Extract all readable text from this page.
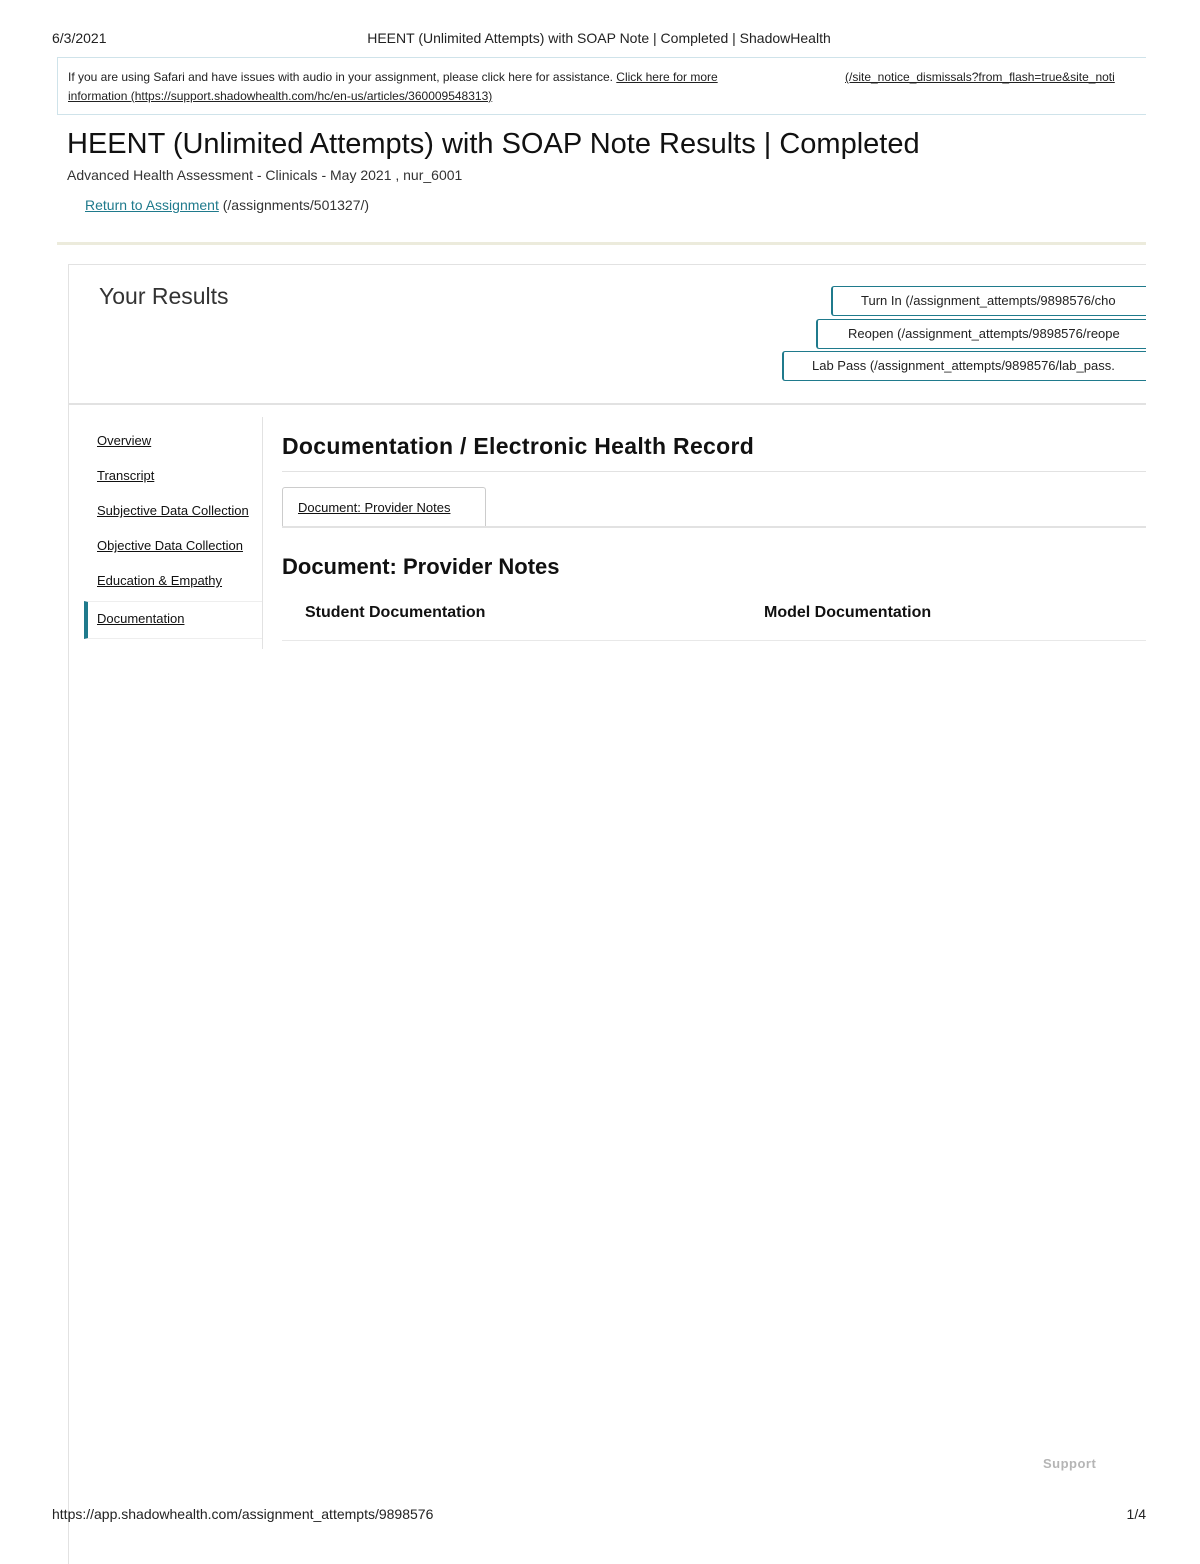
6/3/2021	HEENT (Unlimited Attempts) with SOAP Note | Completed | ShadowHealth
If you are using Safari and have issues with audio in your assignment, please click here for assistance. Click here for more	(/site_notice_dismissals?from_flash=true&site_noti
information (https://support.shadowhealth.com/hc/en-us/articles/360009548313)
HEENT (Unlimited Attempts) with SOAP Note Results | Completed
Advanced Health Assessment - Clinicals - May 2021 , nur_6001
Return to Assignment (/assignments/501327/)
Your Results	Turn In (/assignment_attempts/9898576/cho
Reopen (/assignment_attempts/9898576/reope
Lab Pass (/assignment_attempts/9898576/lab_pass.
Overview
Transcript
Subjective Data Collection
Objective Data Collection
Education & Empathy
Documentation
Documentation / Electronic Health Record
Document: Provider Notes
Document: Provider Notes
Student Documentation	Model Documentation
Support
https://app.shadowhealth.com/assignment_attempts/9898576	1/4
